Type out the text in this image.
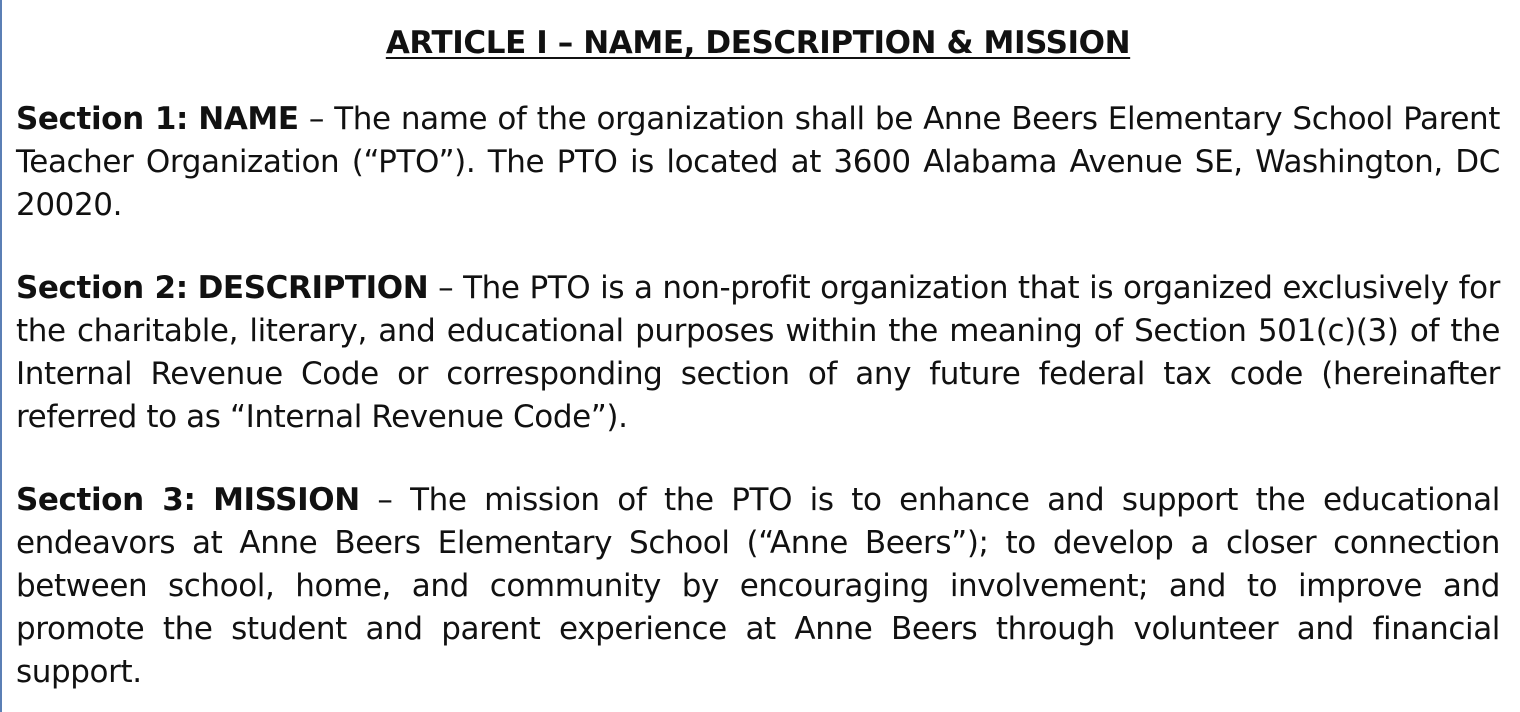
ARTICLE I – NAME, DESCRIPTION & MISSION

Section 1: NAME – The name of the organization shall be Anne Beers Elementary School Parent Teacher Organization (“PTO”). The PTO is located at 3600 Alabama Avenue SE, Washington, DC 20020.

Section 2: DESCRIPTION – The PTO is a non-profit organization that is organized exclusively for the charitable, literary, and educational purposes within the meaning of Section 501(c)(3) of the Internal Revenue Code or corresponding section of any future federal tax code (hereinafter referred to as “Internal Revenue Code”).

Section 3: MISSION – The mission of the PTO is to enhance and support the educational endeavors at Anne Beers Elementary School (“Anne Beers”); to develop a closer connection between school, home, and community by encouraging involvement; and to improve and promote the student and parent experience at Anne Beers through volunteer and financial support.
